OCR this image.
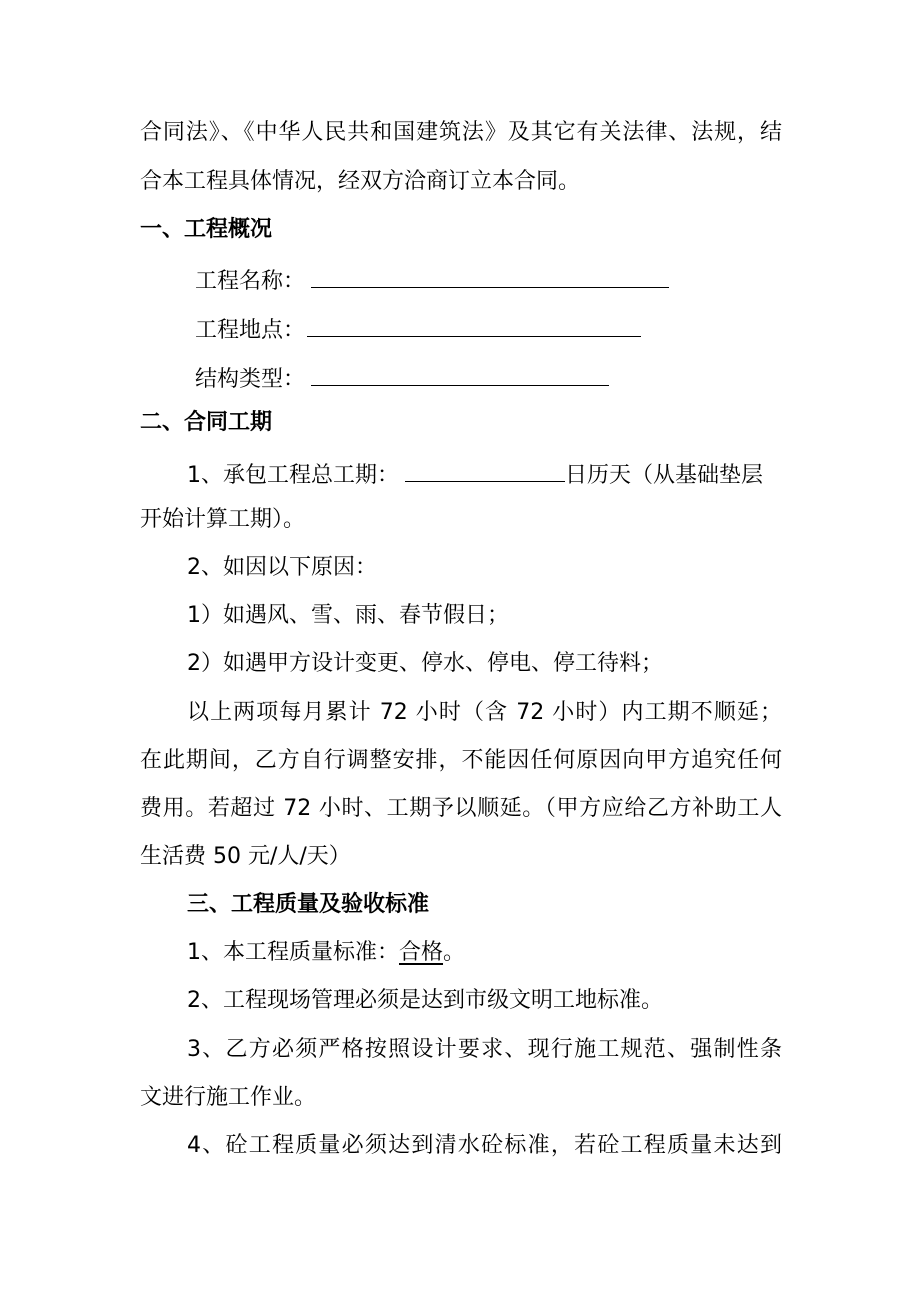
合同法》、《中华人民共和国建筑法》及其它有关法律、法规，结
合本工程具体情况，经双方洽商订立本合同。
一、工程概况
工程名称：
工程地点：
结构类型：
二、合同工期
1、承包工程总工期：	日历天（从基础垫层
开始计算工期）。
2、如因以下原因：
1）如遇风、雪、雨、春节假日；
2）如遇甲方设计变更、停水、停电、停工待料；
以上两项每月累计 72 小时（含 72 小时）内工期不顺延；
在此期间，乙方自行调整安排，不能因任何原因向甲方追究任何
费用。若超过 72 小时、工期予以顺延。（甲方应给乙方补助工人
生活费 50 元/人/天）
三、工程质量及验收标准
1、本工程质量标准：合格。
2、工程现场管理必须是达到市级文明工地标准。
3、乙方必须严格按照设计要求、现行施工规范、强制性条
文进行施工作业。
4、砼工程质量必须达到清水砼标准，若砼工程质量未达到
